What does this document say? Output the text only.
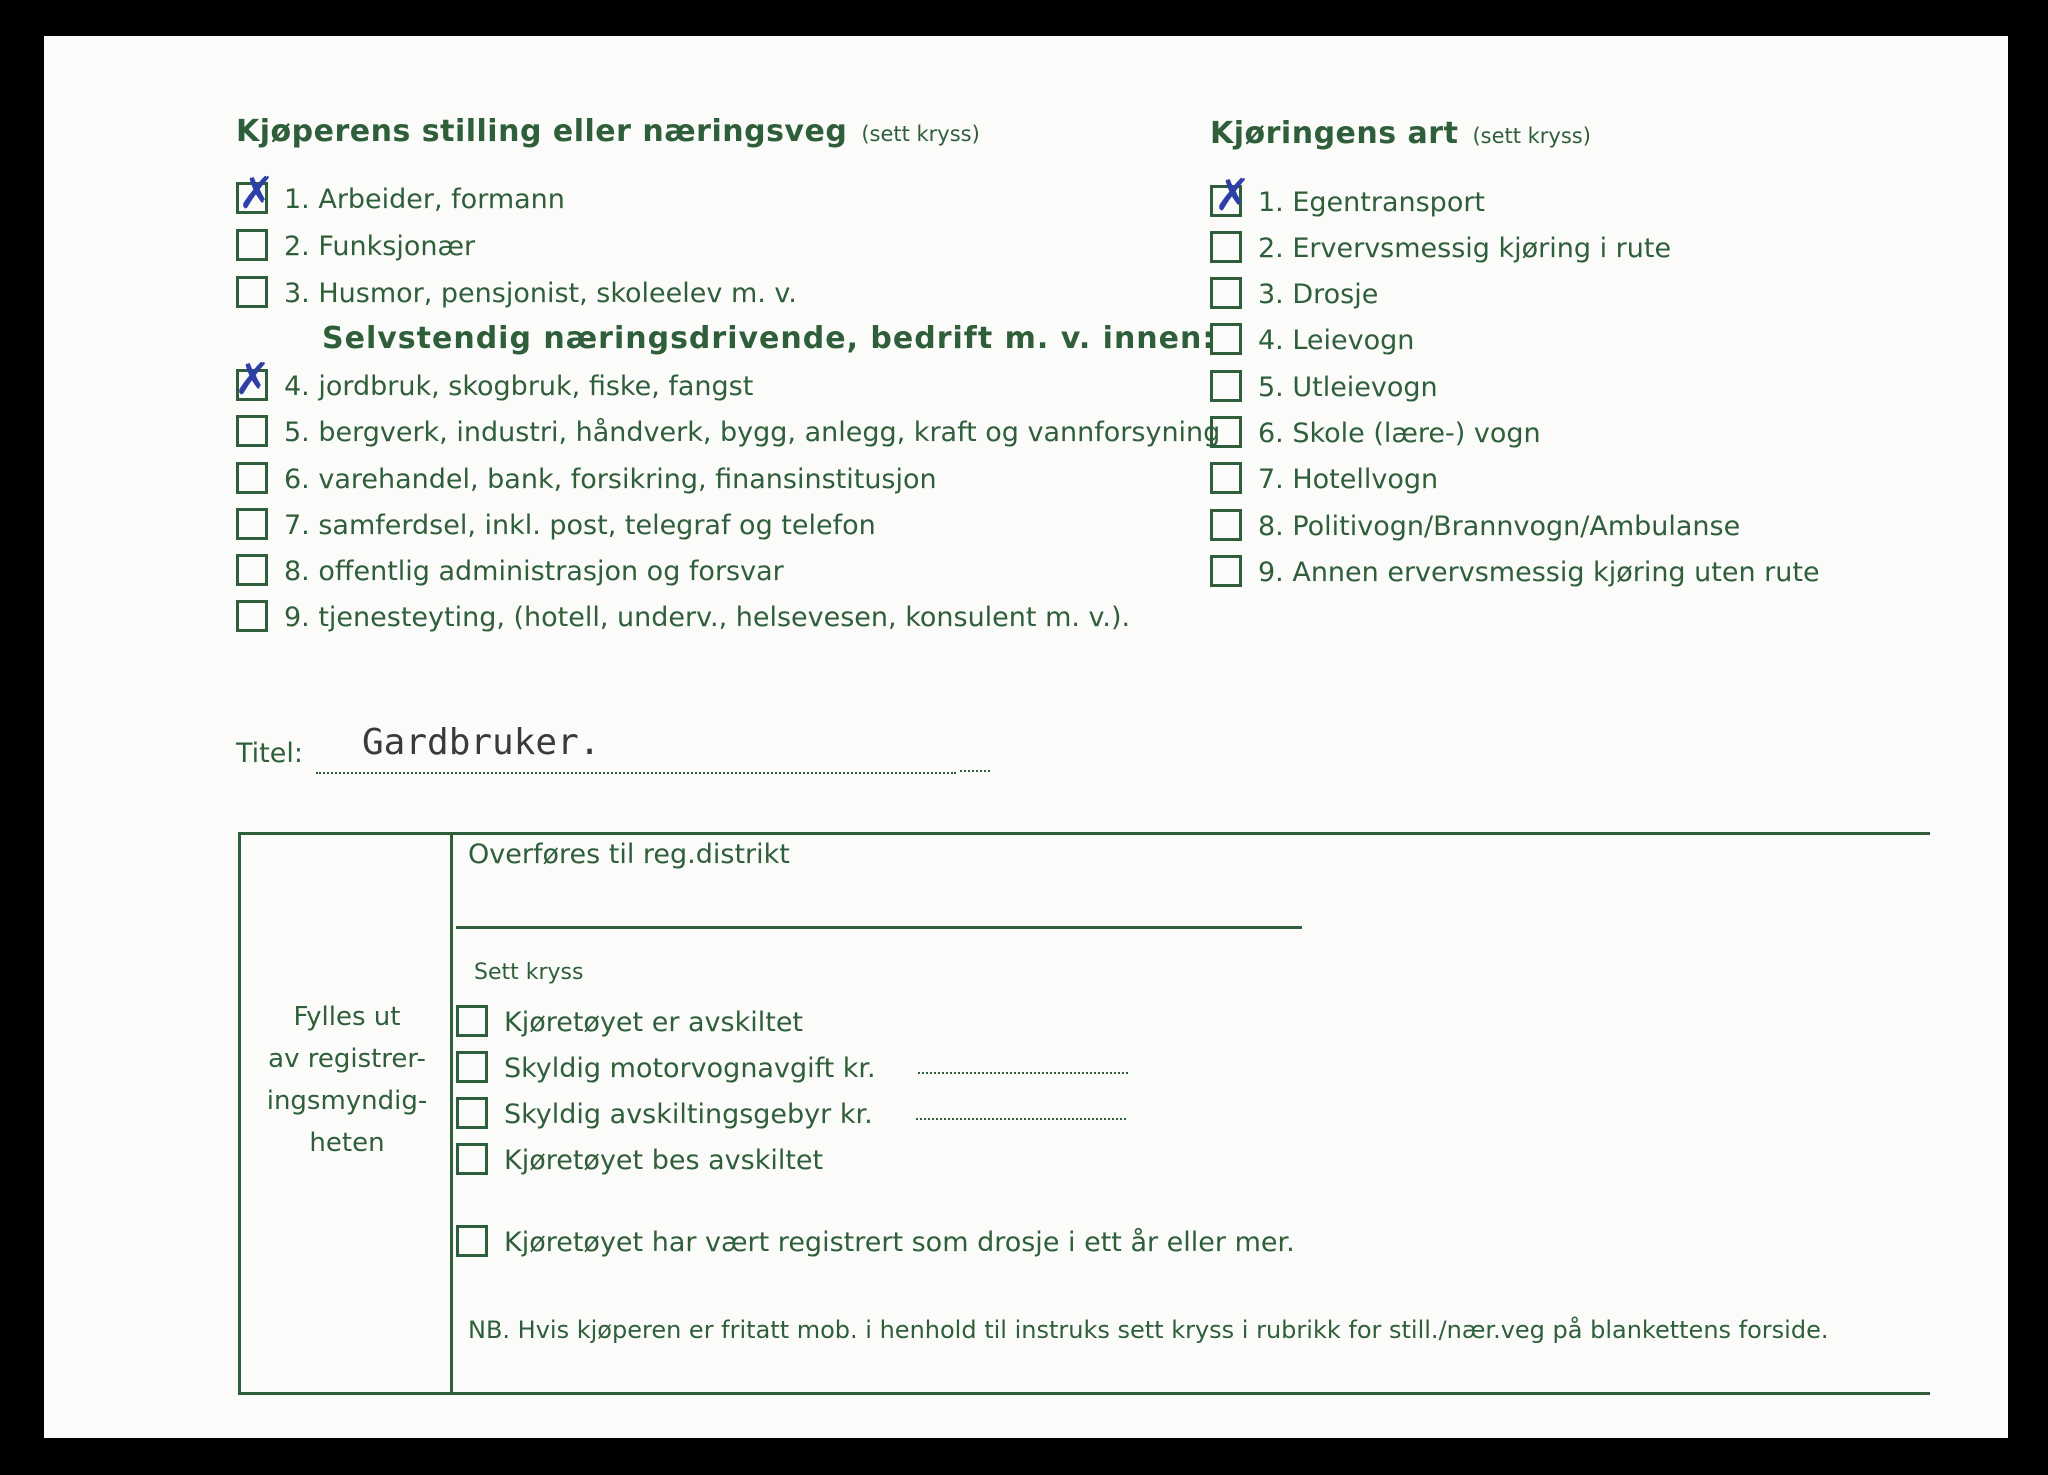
Kjøperens stilling eller næringsveg (sett kryss)
1. Arbeider, formann
2. Funksjonær
3. Husmor, pensjonist, skoleelev m. v.
Selvstendig næringsdrivende, bedrift m. v. innen:
4. jordbruk, skogbruk, fiske, fangst
5. bergverk, industri, håndverk, bygg, anlegg, kraft og vannforsyning
6. varehandel, bank, forsikring, finansinstitusjon
7. samferdsel, inkl. post, telegraf og telefon
8. offentlig administrasjon og forsvar
9. tjenesteyting, (hotell, underv., helsevesen, konsulent m. v.).
✗
✗
Kjøringens art (sett kryss)
1. Egentransport
2. Ervervsmessig kjøring i rute
3. Drosje
4. Leievogn
5. Utleievogn
6. Skole (lære-) vogn
7. Hotellvogn
8. Politivogn/Brannvogn/Ambulanse
9. Annen ervervsmessig kjøring uten rute
✗
Titel: Gardbruker.
Fylles ut
av registrer-
ingsmyndig-
heten
Overføres til reg.distrikt
Sett kryss
Kjøretøyet er avskiltet
Skyldig motorvognavgift kr.
Skyldig avskiltingsgebyr kr.
Kjøretøyet bes avskiltet
Kjøretøyet har vært registrert som drosje i ett år eller mer.
NB. Hvis kjøperen er fritatt mob. i henhold til instruks sett kryss i rubrikk for still./nær.veg på blankettens forside.
